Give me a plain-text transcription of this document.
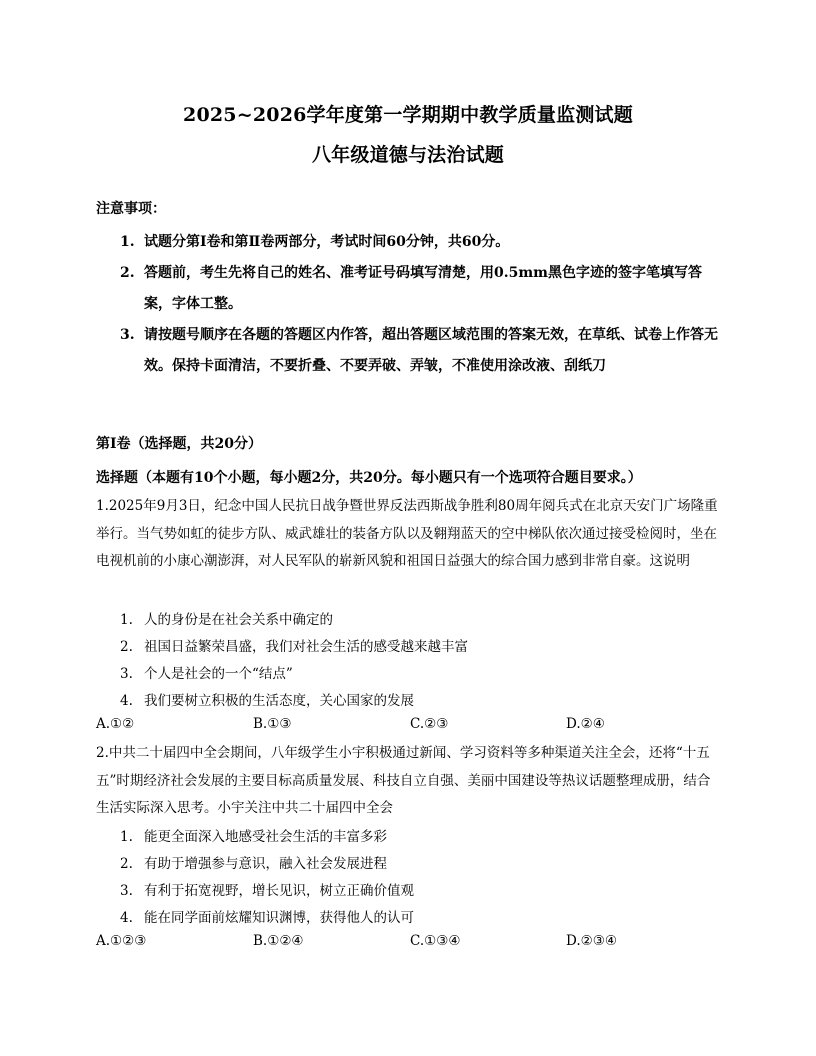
2025~2026学年度第一学期期中教学质量监测试题
八年级道德与法治试题
注意事项：
1. 试题分第Ⅰ卷和第Ⅱ卷两部分，考试时间60分钟，共60分。
2. 答题前，考生先将自己的姓名、准考证号码填写清楚，用0.5mm黑色字迹的签字笔填写答案，字体工整。
3. 请按题号顺序在各题的答题区内作答，超出答题区域范围的答案无效，在草纸、试卷上作答无效。保持卡面清洁，不要折叠、不要弄破、弄皱，不准使用涂改液、刮纸刀
第Ⅰ卷（选择题，共20分）
选择题（本题有10个小题，每小题2分，共20分。每小题只有一个选项符合题目要求。）
1.2025年9月3日，纪念中国人民抗日战争暨世界反法西斯战争胜利80周年阅兵式在北京天安门广场隆重举行。当气势如虹的徒步方队、威武雄壮的装备方队以及翱翔蓝天的空中梯队依次通过接受检阅时，坐在电视机前的小康心潮澎湃，对人民军队的崭新风貌和祖国日益强大的综合国力感到非常自豪。这说明
1. 人的身份是在社会关系中确定的
2. 祖国日益繁荣昌盛，我们对社会生活的感受越来越丰富
3. 个人是社会的一个“结点”
4. 我们要树立积极的生活态度，关心国家的发展
A.①②	B.①③	C.②③	D.②④
2.中共二十届四中全会期间，八年级学生小宇积极通过新闻、学习资料等多种渠道关注全会，还将“十五五”时期经济社会发展的主要目标高质量发展、科技自立自强、美丽中国建设等热议话题整理成册，结合生活实际深入思考。小宇关注中共二十届四中全会
1. 能更全面深入地感受社会生活的丰富多彩
2. 有助于增强参与意识，融入社会发展进程
3. 有利于拓宽视野，增长见识，树立正确价值观
4. 能在同学面前炫耀知识渊博，获得他人的认可
A.①②③	B.①②④	C.①③④	D.②③④
